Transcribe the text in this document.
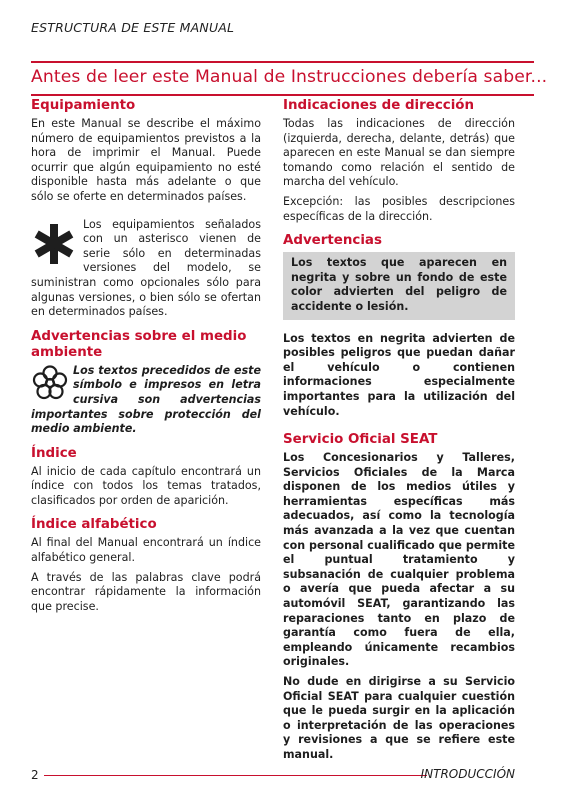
ESTRUCTURA DE ESTE MANUAL
Antes de leer este Manual de Instrucciones debería saber...
Equipamiento

En este Manual se describe el máximo número de equipamientos previstos a la hora de imprimir el Manual. Puede ocurrir que algún equipamiento no esté disponible hasta más adelante o que sólo se oferte en determinados países.

Los equipamientos señalados con un asterisco vienen de serie sólo en determinadas versiones del modelo, se suministran como opcionales sólo para algunas versiones, o bien sólo se ofertan en determinados países.

Advertencias sobre el medio ambiente

Los textos precedidos de este símbolo e impresos en letra cursiva son advertencias importantes sobre protección del medio ambiente.

Índice

Al inicio de cada capítulo encontrará un índice con todos los temas tratados, clasificados por orden de aparición.

Índice alfabético

Al final del Manual encontrará un índice alfabético general.

A través de las palabras clave podrá encontrar rápidamente la información que precise.

Indicaciones de dirección

Todas las indicaciones de dirección (izquierda, derecha, delante, detrás) que aparecen en este Manual se dan siempre tomando como relación el sentido de marcha del vehículo.

Excepción: las posibles descripciones específicas de la dirección.

Advertencias

Los textos que aparecen en negrita y sobre un fondo de este color advierten del peligro de accidente o lesión.

Los textos en negrita advierten de posibles peligros que puedan dañar el vehículo o contienen informaciones especialmente importantes para la utilización del vehículo.

Servicio Oficial SEAT

Los Concesionarios y Talleres, Servicios Oficiales de la Marca disponen de los medios útiles y herramientas específicas más adecuados, así como la tecnología más avanzada a la vez que cuentan con personal cualificado que permite el puntual tratamiento y subsanación de cualquier problema o avería que pueda afectar a su automóvil SEAT, garantizando las reparaciones tanto en plazo de garantía como fuera de ella, empleando únicamente recambios originales.

No dude en dirigirse a su Servicio Oficial SEAT para cualquier cuestión que le pueda surgir en la aplicación o interpretación de las operaciones y revisiones a que se refiere este manual.

2	INTRODUCCIÓN
